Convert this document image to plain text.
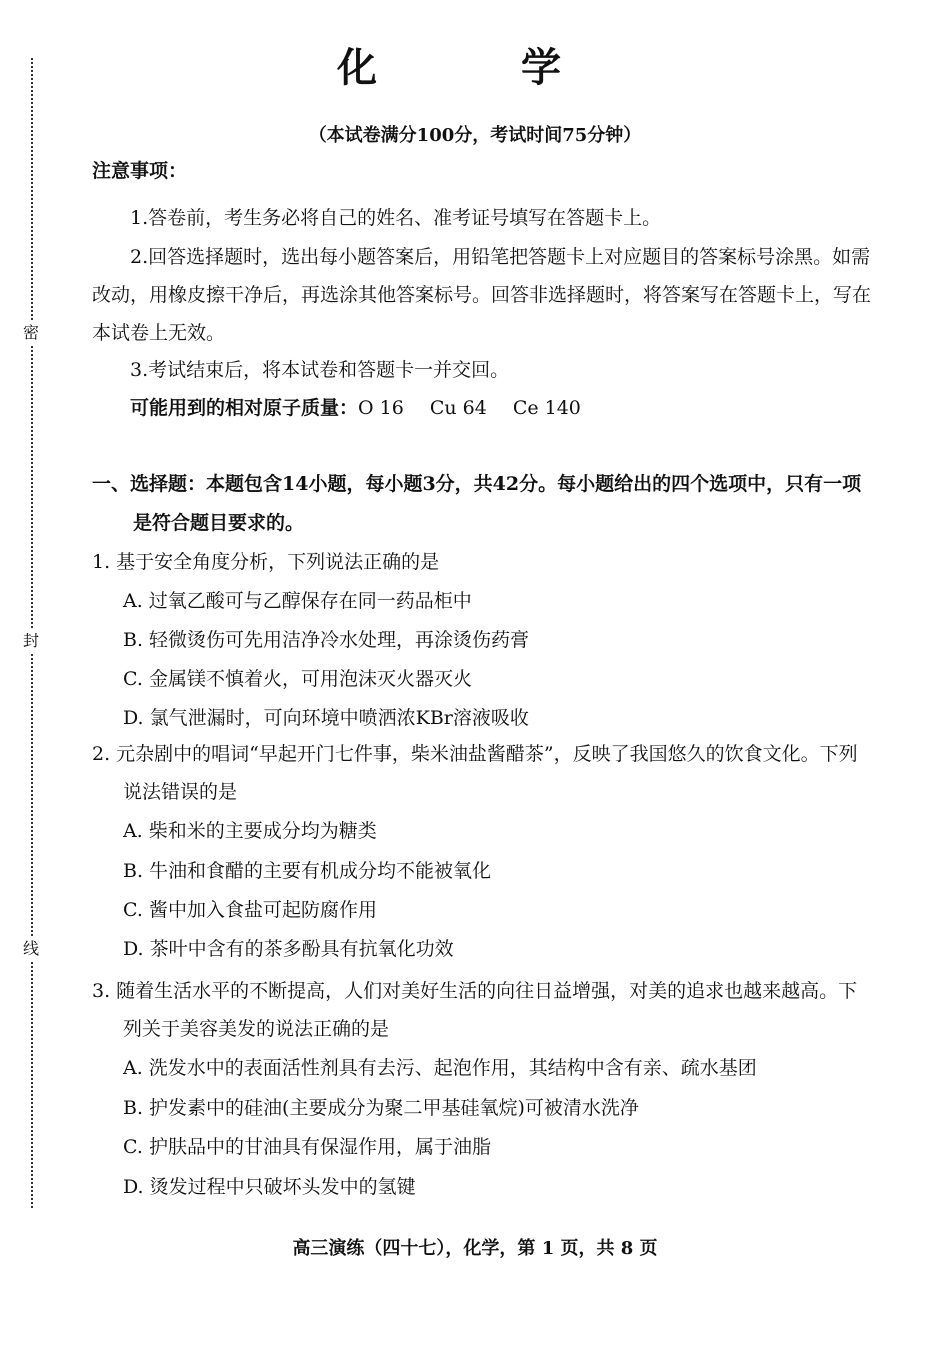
密
封
线
化　学
（本试卷满分100分，考试时间75分钟）
注意事项：
1.答卷前，考生务必将自己的姓名、准考证号填写在答题卡上。
2.回答选择题时，选出每小题答案后，用铅笔把答题卡上对应题目的答案标号涂黑。如需
改动，用橡皮擦干净后，再选涂其他答案标号。回答非选择题时，将答案写在答题卡上，写在
本试卷上无效。
3.考试结束后，将本试卷和答题卡一并交回。
可能用到的相对原子质量：O 16 Cu 64 Ce 140
一、选择题：本题包含14小题，每小题3分，共42分。每小题给出的四个选项中，只有一项
是符合题目要求的。
1. 基于安全角度分析，下列说法正确的是
A. 过氧乙酸可与乙醇保存在同一药品柜中
B. 轻微烫伤可先用洁净冷水处理，再涂烫伤药膏
C. 金属镁不慎着火，可用泡沫灭火器灭火
D. 氯气泄漏时，可向环境中喷洒浓KBr溶液吸收
2. 元杂剧中的唱词“早起开门七件事，柴米油盐酱醋茶”，反映了我国悠久的饮食文化。下列
说法错误的是
A. 柴和米的主要成分均为糖类
B. 牛油和食醋的主要有机成分均不能被氧化
C. 酱中加入食盐可起防腐作用
D. 茶叶中含有的茶多酚具有抗氧化功效
3. 随着生活水平的不断提高，人们对美好生活的向往日益增强，对美的追求也越来越高。下
列关于美容美发的说法正确的是
A. 洗发水中的表面活性剂具有去污、起泡作用，其结构中含有亲、疏水基团
B. 护发素中的硅油(主要成分为聚二甲基硅氧烷)可被清水洗净
C. 护肤品中的甘油具有保湿作用，属于油脂
D. 烫发过程中只破坏头发中的氢键
高三演练（四十七），化学，第 1 页，共 8 页
